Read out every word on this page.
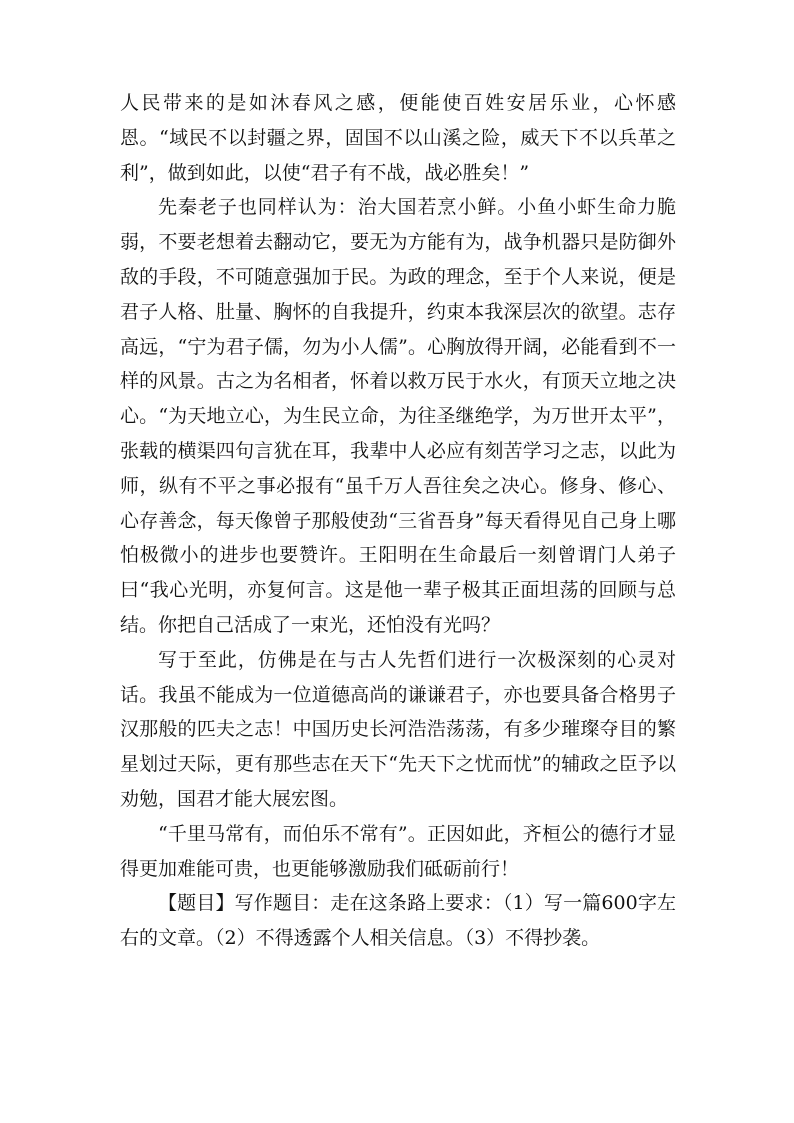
人民带来的是如沐春风之感，便能使百姓安居乐业，心怀感恩。“域民不以封疆之界，固国不以山溪之险，威天下不以兵革之利”，做到如此，以使“君子有不战，战必胜矣！”

先秦老子也同样认为：治大国若烹小鲜。小鱼小虾生命力脆弱，不要老想着去翻动它，要无为方能有为，战争机器只是防御外敌的手段，不可随意强加于民。为政的理念，至于个人来说，便是君子人格、肚量、胸怀的自我提升，约束本我深层次的欲望。志存高远，“宁为君子儒，勿为小人儒”。心胸放得开阔，必能看到不一样的风景。古之为名相者，怀着以救万民于水火，有顶天立地之决心。“为天地立心，为生民立命，为往圣继绝学，为万世开太平”，张载的横渠四句言犹在耳，我辈中人必应有刻苦学习之志，以此为师，纵有不平之事必报有“虽千万人吾往矣之决心。修身、修心、心存善念，每天像曾子那般使劲“三省吾身”每天看得见自己身上哪怕极微小的进步也要赞许。王阳明在生命最后一刻曾谓门人弟子曰“我心光明，亦复何言。这是他一辈子极其正面坦荡的回顾与总结。你把自己活成了一束光，还怕没有光吗？

写于至此，仿佛是在与古人先哲们进行一次极深刻的心灵对话。我虽不能成为一位道德高尚的谦谦君子，亦也要具备合格男子汉那般的匹夫之志！中国历史长河浩浩荡荡，有多少璀璨夺目的繁星划过天际，更有那些志在天下“先天下之忧而忧”的辅政之臣予以劝勉，国君才能大展宏图。

“千里马常有，而伯乐不常有”。正因如此，齐桓公的德行才显得更加难能可贵，也更能够激励我们砥砺前行！

【题目】写作题目：走在这条路上要求：（1）写一篇600字左右的文章。（2）不得透露个人相关信息。（3）不得抄袭。
